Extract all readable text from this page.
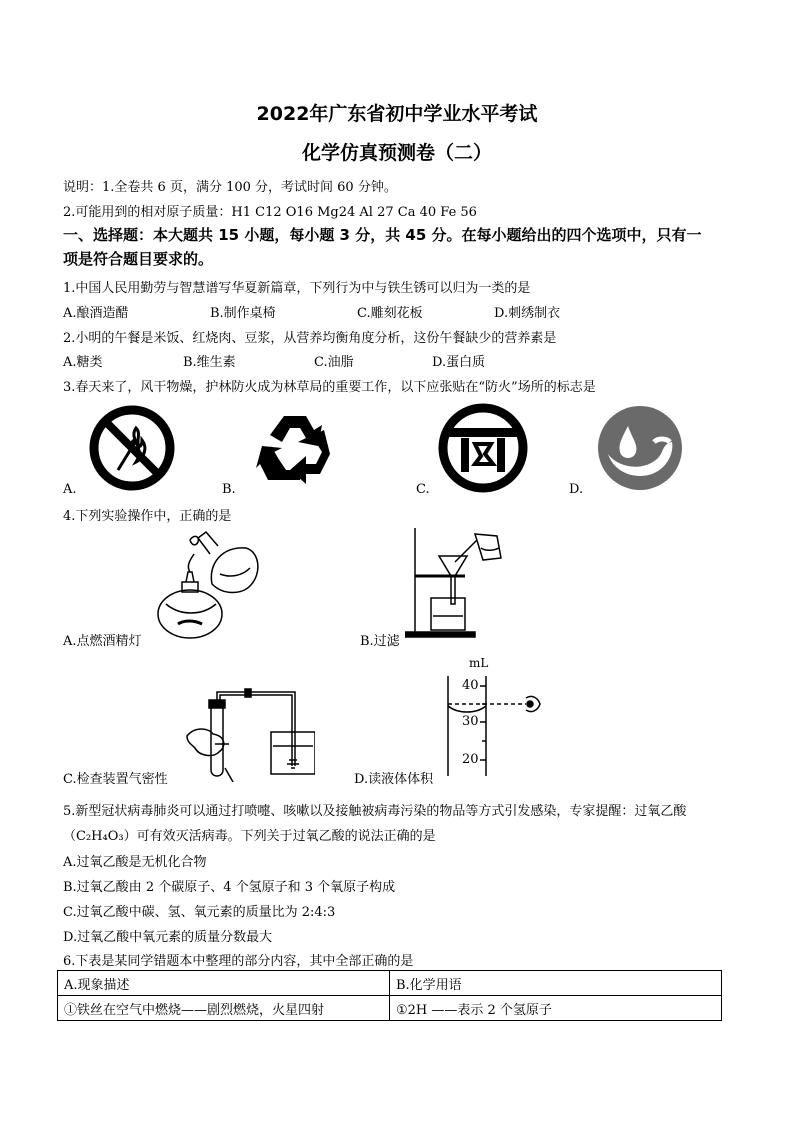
2022年广东省初中学业水平考试
化学仿真预测卷（二）
说明：1.全卷共 6 页，满分 100 分，考试时间 60 分钟。
2.可能用到的相对原子质量：H1 C12 O16 Mg24 Al 27 Ca 40 Fe 56
一、选择题：本大题共 15 小题，每小题 3 分，共 45 分。在每小题给出的四个选项中，只有一
项是符合题目要求的。
1.中国人民用勤劳与智慧谱写华夏新篇章，下列行为中与铁生锈可以归为一类的是
A.酿酒造醋	B.制作桌椅	C.雕刻花板	D.刺绣制衣
2.小明的午餐是米饭、红烧肉、豆浆，从营养均衡角度分析，这份午餐缺少的营养素是
A.糖类	B.维生素	C.油脂	D.蛋白质
3.春天来了，风干物燥，护林防火成为林草局的重要工作，以下应张贴在“防火”场所的标志是
A.	B.	C.	D.
4.下列实验操作中，正确的是
A.点燃酒精灯	B.过滤
C.检查装置气密性
mL
40
30
20
D.读液体体积
5.新型冠状病毒肺炎可以通过打喷嚏、咳嗽以及接触被病毒污染的物品等方式引发感染，专家提醒：过氧乙酸
（C₂H₄O₃）可有效灭活病毒。下列关于过氧乙酸的说法正确的是
A.过氧乙酸是无机化合物
B.过氧乙酸由 2 个碳原子、4 个氢原子和 3 个氧原子构成
C.过氧乙酸中碳、氢、氧元素的质量比为 2:4:3
D.过氧乙酸中氧元素的质量分数最大
6.下表是某同学错题本中整理的部分内容，其中全部正确的是
A.现象描述	B.化学用语
①铁丝在空气中燃烧——剧烈燃烧，火星四射	①2H ——表示 2 个氢原子
